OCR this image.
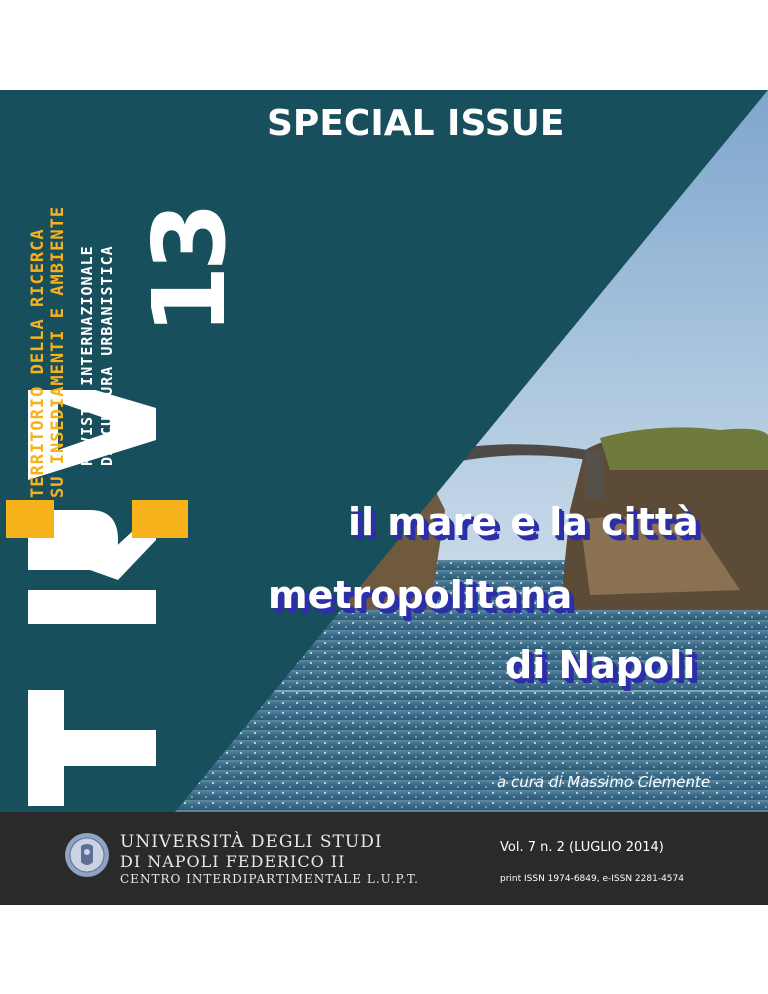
TERRITORIO DELLA RICERCA SU INSEDIAMENTI E AMBIENTE RIVISTA INTERNAZIONALE DI CULTURA URBANISTICA 13
SPECIAL ISSUE
il mare e la città
metropolitana
di Napoli
a cura di Massimo Clemente
UNIVERSITÀ DEGLI STUDI
DI NAPOLI FEDERICO II
CENTRO INTERDIPARTIMENTALE L.U.P.T.
Vol. 7 n. 2 (LUGLIO 2014)
print ISSN 1974-6849, e-ISSN 2281-4574
